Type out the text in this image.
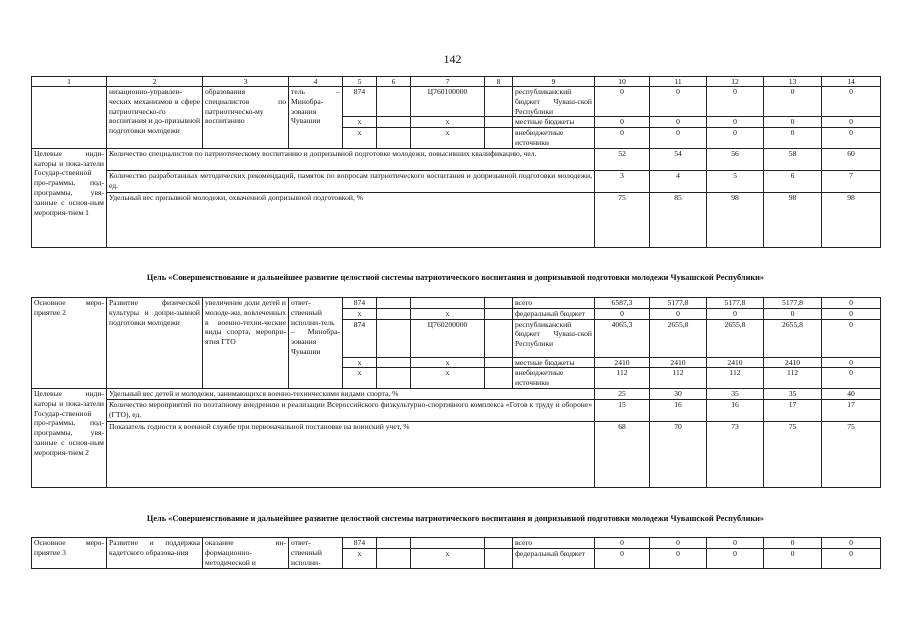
142
1	2	3	4	5	6	7	8	9	10	11	12	13	14
	низационно-управлен-ческих механизмов в сфере патриотическо-го воспитания и до-призывной подготовки молодежи	образования специалистов по патриотическо-му воспитанию	тель – Минобра-зования Чувашии	874		Ц760100000		республиканский бюджет Чуваш-ской Республики	0	0	0	0	0
				х		х		местные бюджеты	0	0	0	0	0
				х		х		внебюджетные источники	0	0	0	0	0
Целевые инди-каторы и пока-затели Государ-ственной про-граммы, под-программы, увя-занные с основ-ным мероприя-тием 1	Количество специалистов по патриотическому воспитанию и допризывной подготовке молодежи, повысивших квалификацию, чел.								52	54	56	58	60
	Количество разработанных методических рекомендаций, памяток по вопросам патриотического воспитания и допризывной подготовки молодежи, ед.								3	4	5	6	7
	Удельный вес призывной молодежи, охваченной допризывной подготовкой, %								75	85	98	98	98
Цель «Совершенствование и дальнейшее развитие целостной системы патриотического воспитания и допризывной подготовки молодежи Чувашской Республики»
Основное меро-приятие 2	Развитие физической культуры и допри-зывной подготовки молодежи	увеличение доли детей и молоде-жи, вовлеченных в военно-техни-ческие виды спорта, меропри-ятия ГТО	ответ-ственный исполни-тель – Минобра-зования Чувашии	874				всего	6587,3	5177,8	5177,8	5177,8	0
				х		х		федеральный бюджет	0	0	0	0	0
				874		Ц760200000		республиканский бюджет Чуваш-ской Республики	4065,3	2655,8	2655,8	2655,8	0
				х		х		местные бюджеты	2410	2410	2410	2410	0
				х		х		внебюджетные источники	112	112	112	112	0
Целевые инди-каторы и пока-затели Государ-ственной про-граммы, под-программы, увя-занные с основ-ным мероприя-тием 2	Удельный вес детей и молодежи, занимающихся военно-техническими видами спорта, %								25	30	35	35	40
	Количество мероприятий по поэтапному внедрению и реализации Всероссийского физкультурно-спортивного комплекса «Готов к труду и обороне» (ГТО), ед.								15	16	16	17	17
	Показатель годности к военной службе при первоначальной постановке на воинский учет, %								68	70	73	75	75
Цель «Совершенствование и дальнейшее развитие целостной системы патриотического воспитания и допризывной подготовки молодежи Чувашской Республики»
Основное меро-приятие 3	Развитие и поддержка кадетского образова-ния	оказание ин-формационно-методической и	ответ-ственный исполни-	874				всего	0	0	0	0	0
				х		х		федеральный бюджет	0	0	0	0	0
